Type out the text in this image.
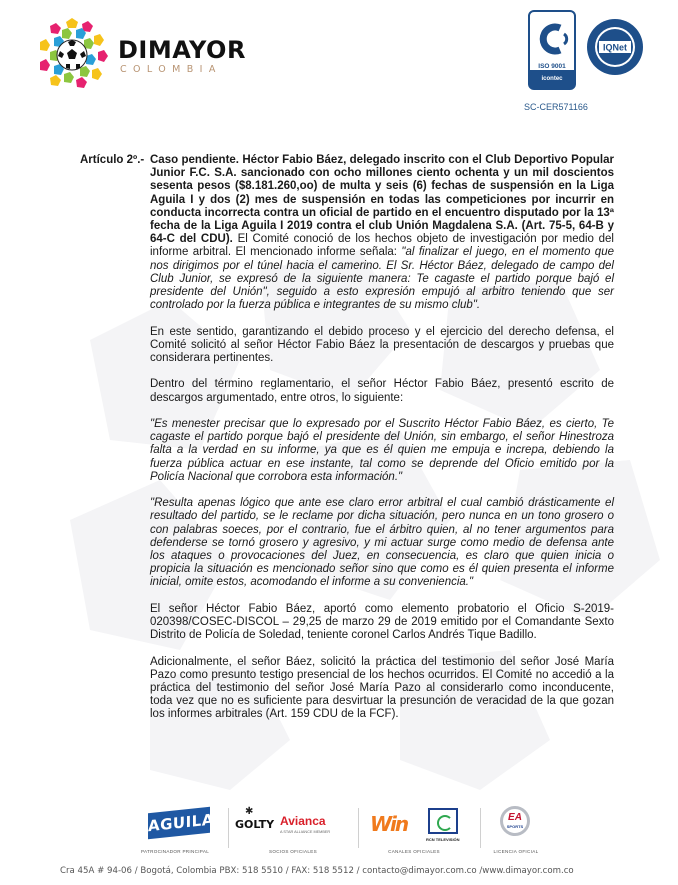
DIMAYOR
COLOMBIA	ISO 9001
icontec
IQNet
SC-CER571166
Artículo 2º.- Caso pendiente. Héctor Fabio Báez, delegado inscrito con el Club Deportivo Popular Junior F.C. S.A. sancionado con ocho millones ciento ochenta y un mil doscientos sesenta pesos ($8.181.260,oo) de multa y seis (6) fechas de suspensión en la Liga Aguila I y dos (2) mes de suspensión en todas las competiciones por incurrir en conducta incorrecta contra un oficial de partido en el encuentro disputado por la 13ª fecha de la Liga Aguila I 2019 contra el club Unión Magdalena S.A. (Art. 75-5, 64-B y 64-C del CDU). El Comité conoció de los hechos objeto de investigación por medio del informe arbitral. El mencionado informe señala: "al finalizar el juego, en el momento que nos dirigimos por el túnel hacia el camerino. El Sr. Héctor Báez, delegado de campo del Club Junior, se expresó de la siguiente manera: Te cagaste el partido porque bajó el presidente del Unión", seguido a esto expresión empujó al arbitro teniendo que ser controlado por la fuerza pública e integrantes de su mismo club".

En este sentido, garantizando el debido proceso y el ejercicio del derecho defensa, el Comité solicitó al señor Héctor Fabio Báez la presentación de descargos y pruebas que considerara pertinentes.

Dentro del término reglamentario, el señor Héctor Fabio Báez, presentó escrito de descargos argumentado, entre otros, lo siguiente:

"Es menester precisar que lo expresado por el Suscrito Héctor Fabio Báez, es cierto, Te cagaste el partido porque bajó el presidente del Unión, sin embargo, el señor Hinestroza falta a la verdad en su informe, ya que es él quien me empuja e increpa, debiendo la fuerza pública actuar en ese instante, tal como se deprende del Oficio emitido por la Policía Nacional que corrobora esta información."

"Resulta apenas lógico que ante ese claro error arbitral el cual cambió drásticamente el resultado del partido, se le reclame por dicha situación, pero nunca en un tono grosero o con palabras soeces, por el contrario, fue el árbitro quien, al no tener argumentos para defenderse se tornó grosero y agresivo, y mi actuar surge como medio de defensa ante los ataques o provocaciones del Juez, en consecuencia, es claro que quien inicia o propicia la situación es mencionado señor sino que como es él quien presenta el informe inicial, omite estos, acomodando el informe a su conveniencia."

El señor Héctor Fabio Báez, aportó como elemento probatorio el Oficio S-2019-020398/COSEC-DISCOL – 29,25 de marzo 29 de 2019 emitido por el Comandante Sexto Distrito de Policía de Soledad, teniente coronel Carlos Andrés Tique Badillo.

Adicionalmente, el señor Báez, solicitó la práctica del testimonio del señor José María Pazo como presunto testigo presencial de los hechos ocurridos. El Comité no accedió a la práctica del testimonio del señor José María Pazo al considerarlo como inconducente, toda vez que no es suficiente para desvirtuar la presunción de veracidad de la que gozan los informes arbitrales (Art. 159 CDU de la FCF).

AGUILA
PATROCINADOR PRINCIPAL	SOCIOS OFICIALES
✱
GOLTY Avianca
A STAR ALLIANCE MEMBER
CANALES OFICIALES
Win
RCN TELEVISIÓN
LICENCIA OFICIAL
EA
SPORTS
Cra 45A # 94-06 / Bogotá, Colombia PBX: 518 5510 / FAX: 518 5512 / contacto@dimayor.com.co /www.dimayor.com.co
